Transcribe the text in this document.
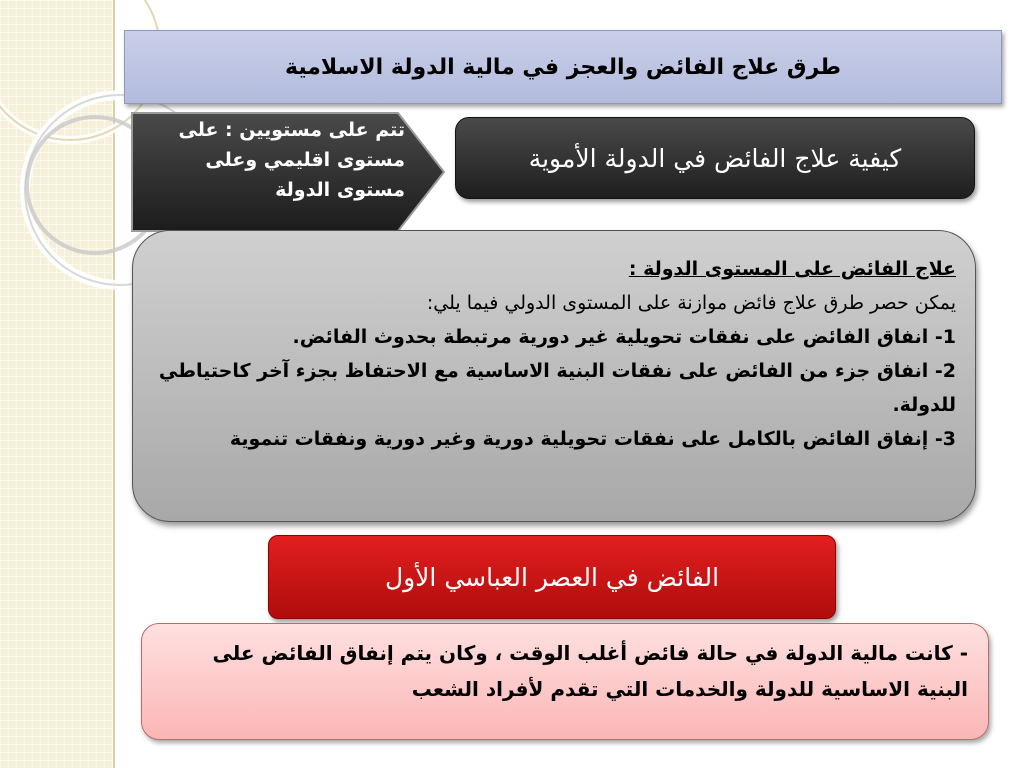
طرق علاج الفائض والعجز في مالية الدولة الاسلامية
تتم على مستويين : على مستوى اقليمي وعلى مستوى الدولة
كيفية علاج الفائض في الدولة الأموية

علاج الفائض على المستوى الدولة :

يمكن حصر طرق علاج فائض موازنة على المستوى الدولي فيما يلي:

1- انفاق الفائض على نفقات تحويلية غير دورية مرتبطة بحدوث الفائض.

2- انفاق جزء من الفائض على نفقات البنية الاساسية مع الاحتفاظ بجزء آخر كاحتياطي للدولة.

3- إنفاق الفائض بالكامل على نفقات تحويلية دورية وغير دورية ونفقات تنموية

الفائض في العصر العباسي الأول
- كانت مالية الدولة في حالة فائض أغلب الوقت ، وكان يتم إنفاق الفائض على البنية الاساسية للدولة والخدمات التي تقدم لأفراد الشعب
